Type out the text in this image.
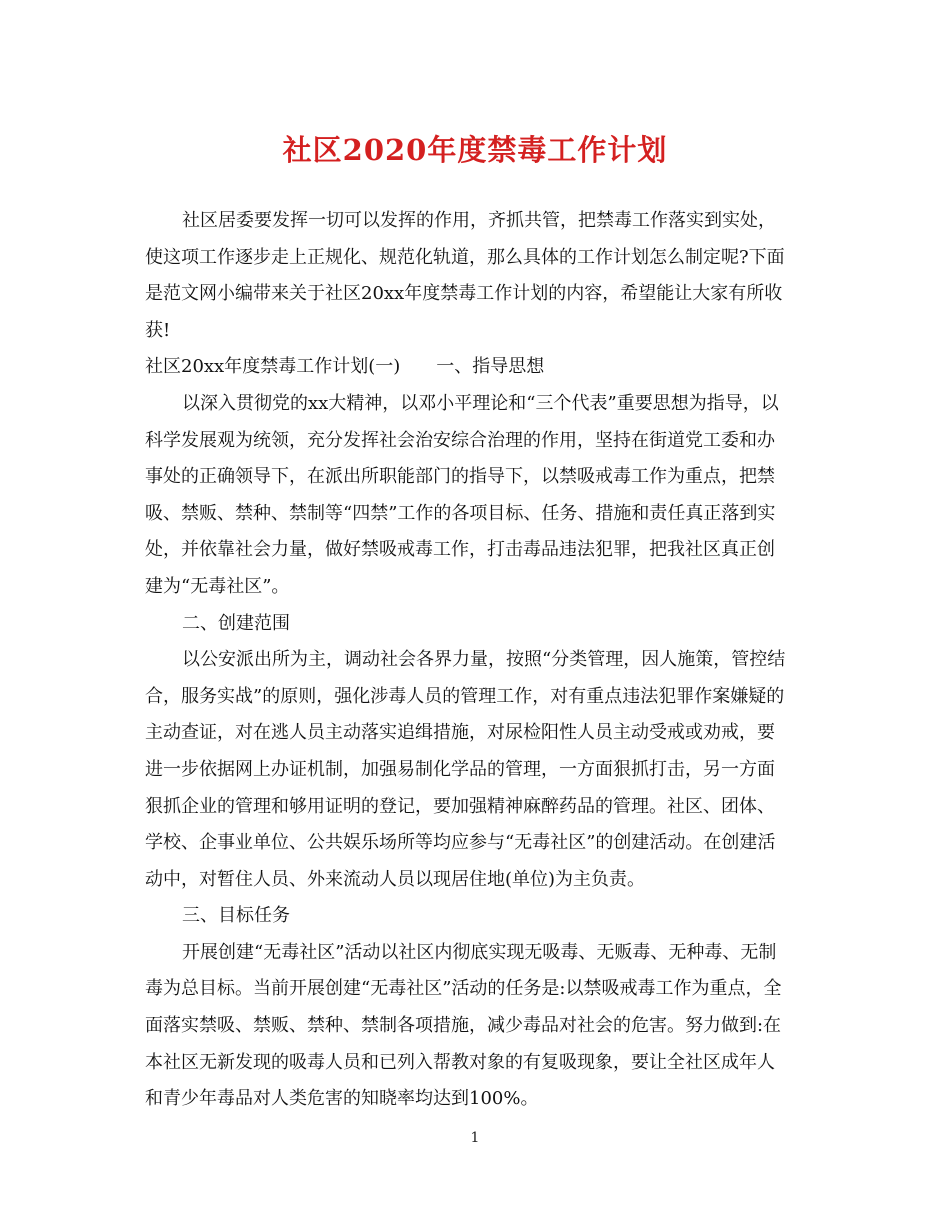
社区2020年度禁毒工作计划
社区居委要发挥一切可以发挥的作用，齐抓共管，把禁毒工作落实到实处，
使这项工作逐步走上正规化、规范化轨道，那么具体的工作计划怎么制定呢?下面
是范文网小编带来关于社区20xx年度禁毒工作计划的内容，希望能让大家有所收
获!
社区20xx年度禁毒工作计划(一)　　一、指导思想
以深入贯彻党的xx大精神，以邓小平理论和“三个代表”重要思想为指导，以
科学发展观为统领，充分发挥社会治安综合治理的作用，坚持在街道党工委和办
事处的正确领导下，在派出所职能部门的指导下，以禁吸戒毒工作为重点，把禁
吸、禁贩、禁种、禁制等“四禁”工作的各项目标、任务、措施和责任真正落到实
处，并依靠社会力量，做好禁吸戒毒工作，打击毒品违法犯罪，把我社区真正创
建为“无毒社区”。
二、创建范围
以公安派出所为主，调动社会各界力量，按照“分类管理，因人施策，管控结
合，服务实战”的原则，强化涉毒人员的管理工作，对有重点违法犯罪作案嫌疑的
主动查证，对在逃人员主动落实追缉措施，对尿检阳性人员主动受戒或劝戒，要
进一步依据网上办证机制，加强易制化学品的管理，一方面狠抓打击，另一方面
狠抓企业的管理和够用证明的登记，要加强精神麻醉药品的管理。社区、团体、
学校、企事业单位、公共娱乐场所等均应参与“无毒社区”的创建活动。在创建活
动中，对暂住人员、外来流动人员以现居住地(单位)为主负责。
三、目标任务
开展创建“无毒社区”活动以社区内彻底实现无吸毒、无贩毒、无种毒、无制
毒为总目标。当前开展创建“无毒社区”活动的任务是:以禁吸戒毒工作为重点，全
面落实禁吸、禁贩、禁种、禁制各项措施，减少毒品对社会的危害。努力做到:在
本社区无新发现的吸毒人员和已列入帮教对象的有复吸现象，要让全社区成年人
和青少年毒品对人类危害的知晓率均达到100%。
1
